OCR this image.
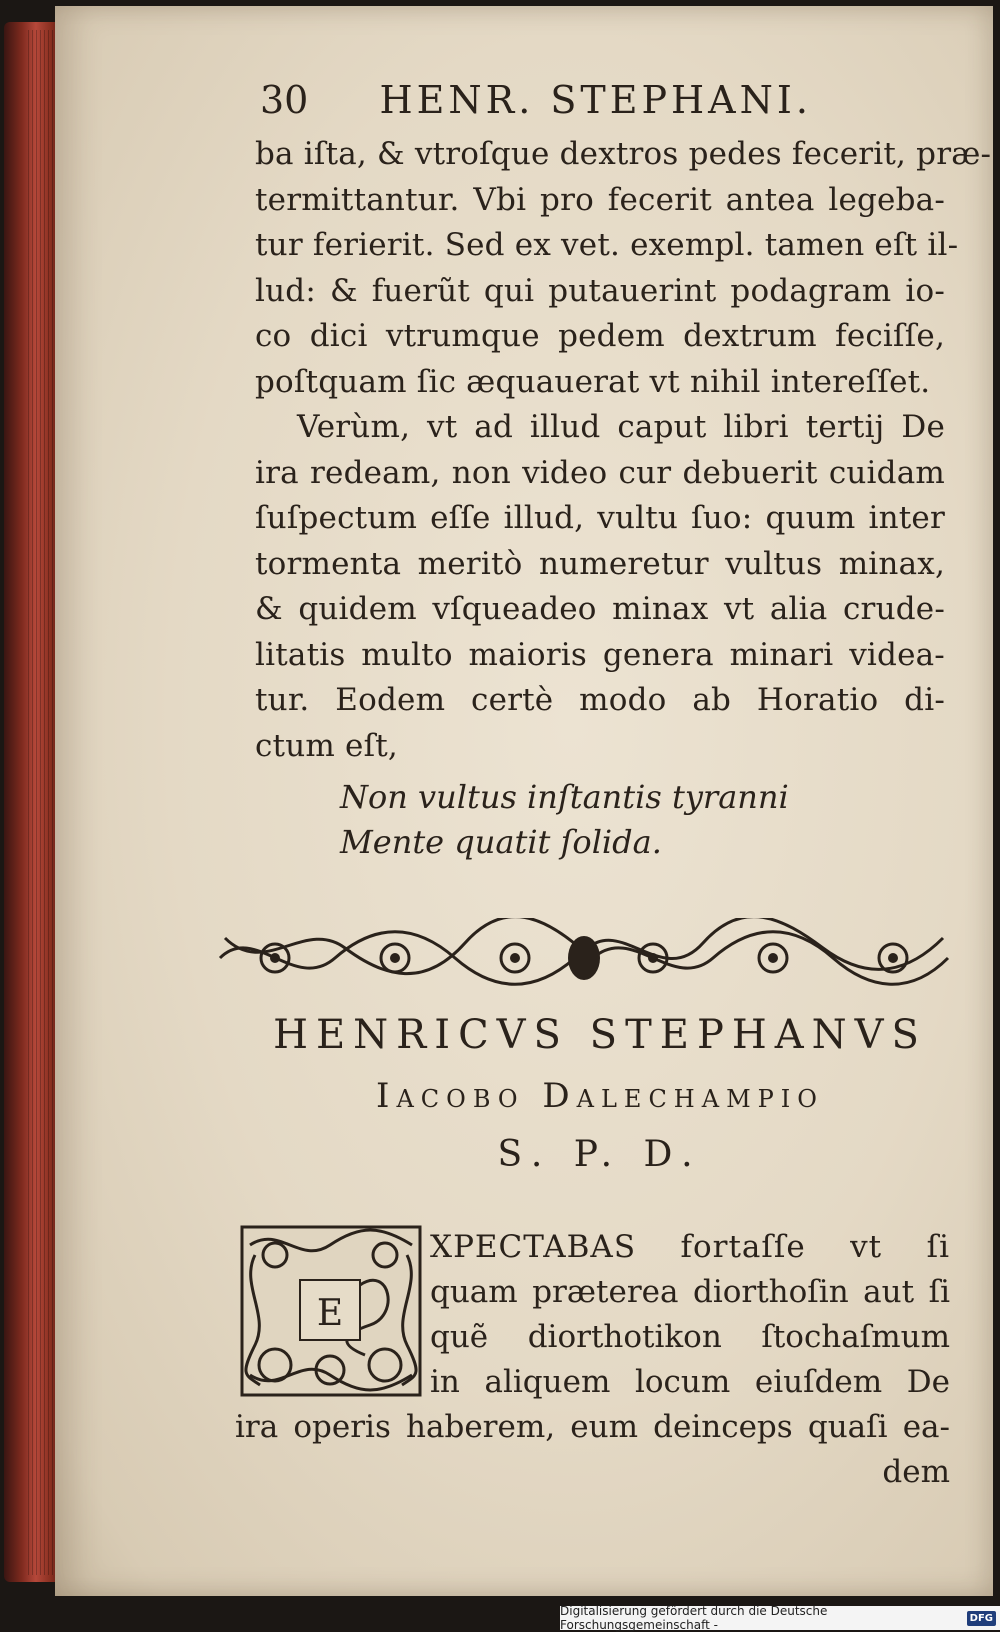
30 HENR. STEPHANI.
ba iſta, & vtroſque dextros pedes fecerit, præ-
termittantur. Vbi pro fecerit antea legeba-
tur ferierit. Sed ex vet. exempl. tamen eſt il-
lud: & fuerũt qui putauerint podagram io-
co dici vtrumque pedem dextrum feciſſe,
poſtquam ſic æquauerat vt nihil intereſſet.
Verùm, vt ad illud caput libri tertij De
ira redeam, non video cur debuerit cuidam
ſuſpectum eſſe illud, vultu ſuo: quum inter
tormenta meritò numeretur vultus minax,
& quidem vſqueadeo minax vt alia crude-
litatis multo maioris genera minari videa-
tur. Eodem certè modo ab Horatio di-
ctum eſt,
Non vultus inſtantis tyranni
Mente quatit ſolida.
HENRICVS STEPHANVS
Iacobo Dalechampio
S. P. D.
XPECTABAS fortaſſe vt ſi
quam præterea diorthoſin aut ſi
quẽ diorthotikon ſtochaſmum
in aliquem locum eiuſdem De
ira operis haberem, eum deinceps quaſi ea-
dem
E
Digitalisierung gefördert durch die Deutsche Forschungsgemeinschaft -	DFG
